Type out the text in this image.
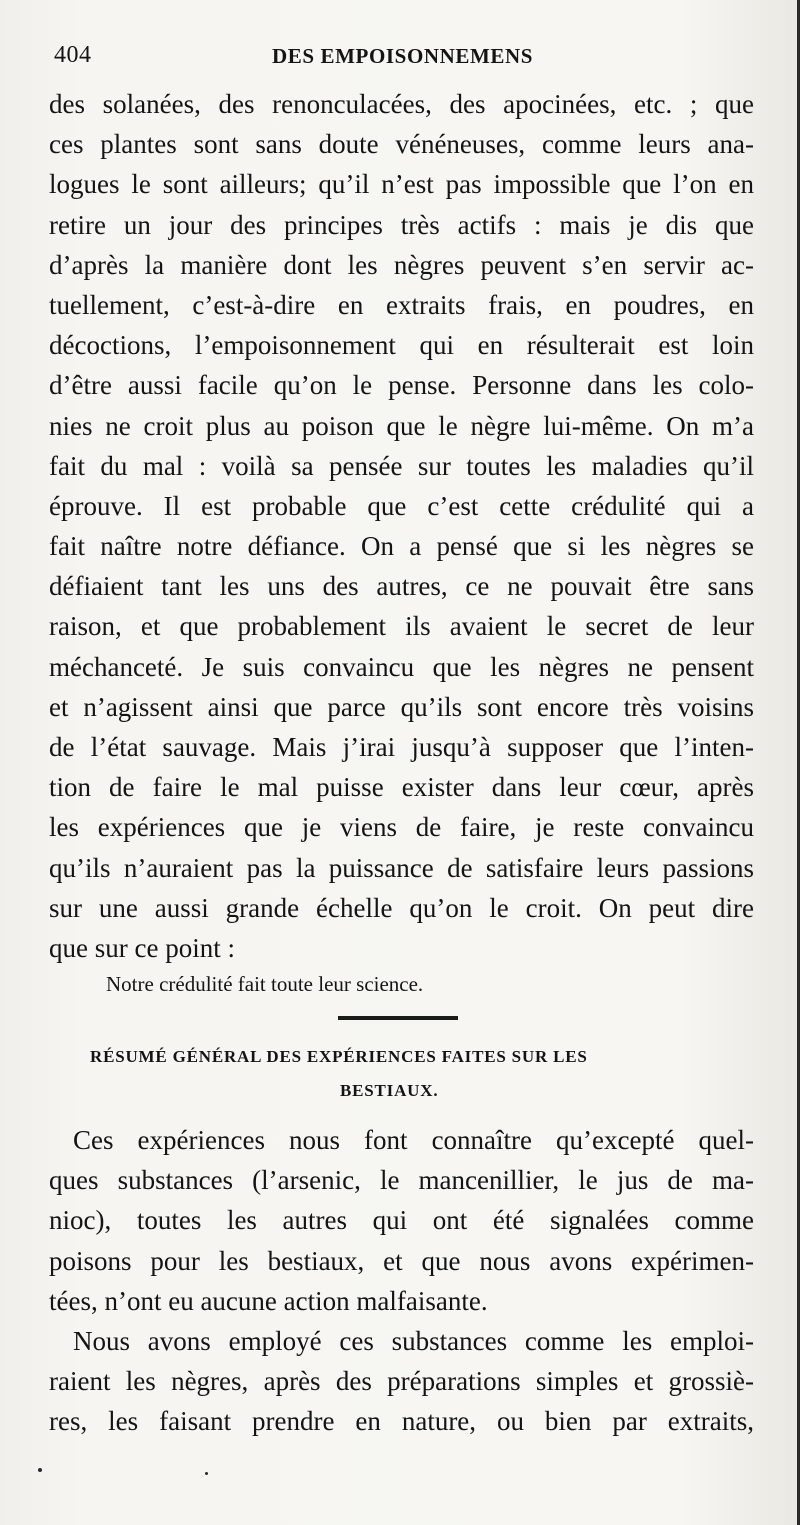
404	DES EMPOISONNEMENS
des solanées, des renonculacées, des apocinées, etc. ; que
ces plantes sont sans doute vénéneuses, comme leurs ana-
logues le sont ailleurs; qu’il n’est pas impossible que l’on en
retire un jour des principes très actifs : mais je dis que
d’après la manière dont les nègres peuvent s’en servir ac-
tuellement, c’est-à-dire en extraits frais, en poudres, en
décoctions, l’empoisonnement qui en résulterait est loin
d’être aussi facile qu’on le pense. Personne dans les colo-
nies ne croit plus au poison que le nègre lui-même. On m’a
fait du mal : voilà sa pensée sur toutes les maladies qu’il
éprouve. Il est probable que c’est cette crédulité qui a
fait naître notre défiance. On a pensé que si les nègres se
défiaient tant les uns des autres, ce ne pouvait être sans
raison, et que probablement ils avaient le secret de leur
méchanceté. Je suis convaincu que les nègres ne pensent
et n’agissent ainsi que parce qu’ils sont encore très voisins
de l’état sauvage. Mais j’irai jusqu’à supposer que l’inten-
tion de faire le mal puisse exister dans leur cœur, après
les expériences que je viens de faire, je reste convaincu
qu’ils n’auraient pas la puissance de satisfaire leurs passions
sur une aussi grande échelle qu’on le croit. On peut dire
que sur ce point :
Notre crédulité fait toute leur science.
RÉSUMÉ GÉNÉRAL DES EXPÉRIENCES FAITES SUR LES
BESTIAUX.
Ces expériences nous font connaître qu’excepté quel-
ques substances (l’arsenic, le mancenillier, le jus de ma-
nioc), toutes les autres qui ont été signalées comme
poisons pour les bestiaux, et que nous avons expérimen-
tées, n’ont eu aucune action malfaisante.
Nous avons employé ces substances comme les emploi-
raient les nègres, après des préparations simples et grossiè-
res, les faisant prendre en nature, ou bien par extraits,
